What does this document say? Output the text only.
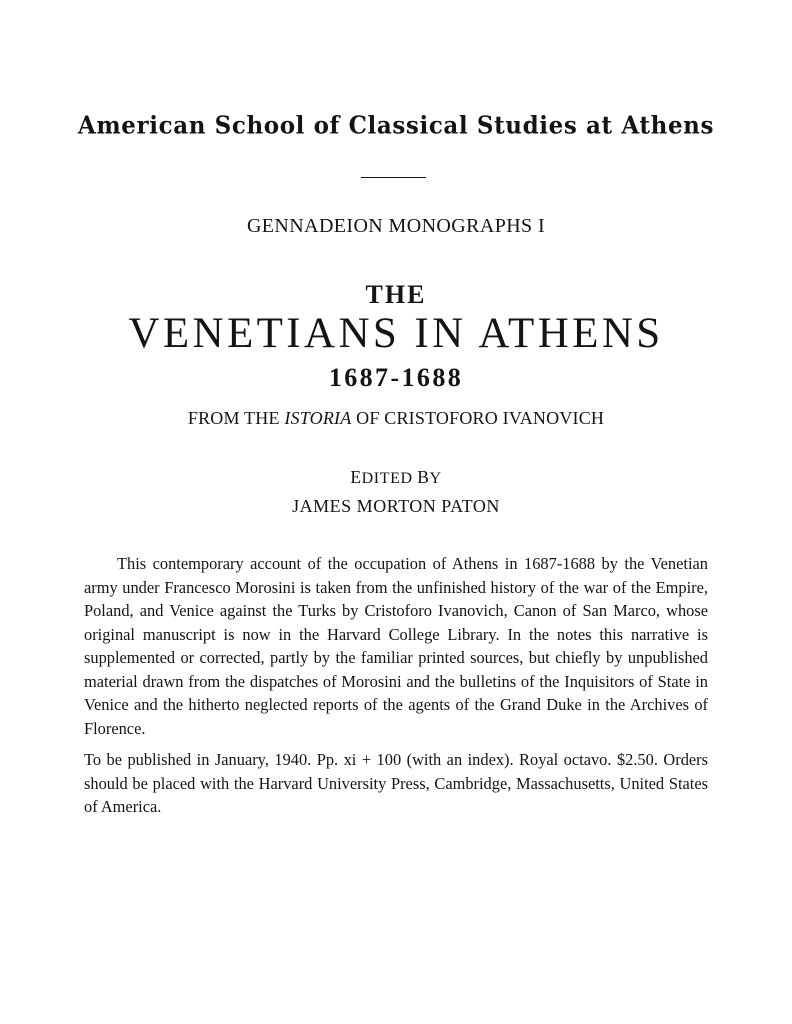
American School of Classical Studies at Athens
GENNADEION MONOGRAPHS I
THE
VENETIANS IN ATHENS
1687-1688
FROM THE ISTORIA OF CRISTOFORO IVANOVICH
EDITED BY
JAMES MORTON PATON

This contemporary account of the occupation of Athens in 1687-1688 by the Venetian army under Francesco Morosini is taken from the unfinished history of the war of the Empire, Poland, and Venice against the Turks by Cristoforo Ivanovich, Canon of San Marco, whose original manuscript is now in the Harvard College Library. In the notes this narrative is supplemented or corrected, partly by the familiar printed sources, but chiefly by unpublished material drawn from the dispatches of Morosini and the bulletins of the Inquisitors of State in Venice and the hitherto neglected reports of the agents of the Grand Duke in the Archives of Florence.

To be published in January, 1940. Pp. xi + 100 (with an index). Royal octavo. $2.50. Orders should be placed with the Harvard University Press, Cambridge, Massachusetts, United States of America.
